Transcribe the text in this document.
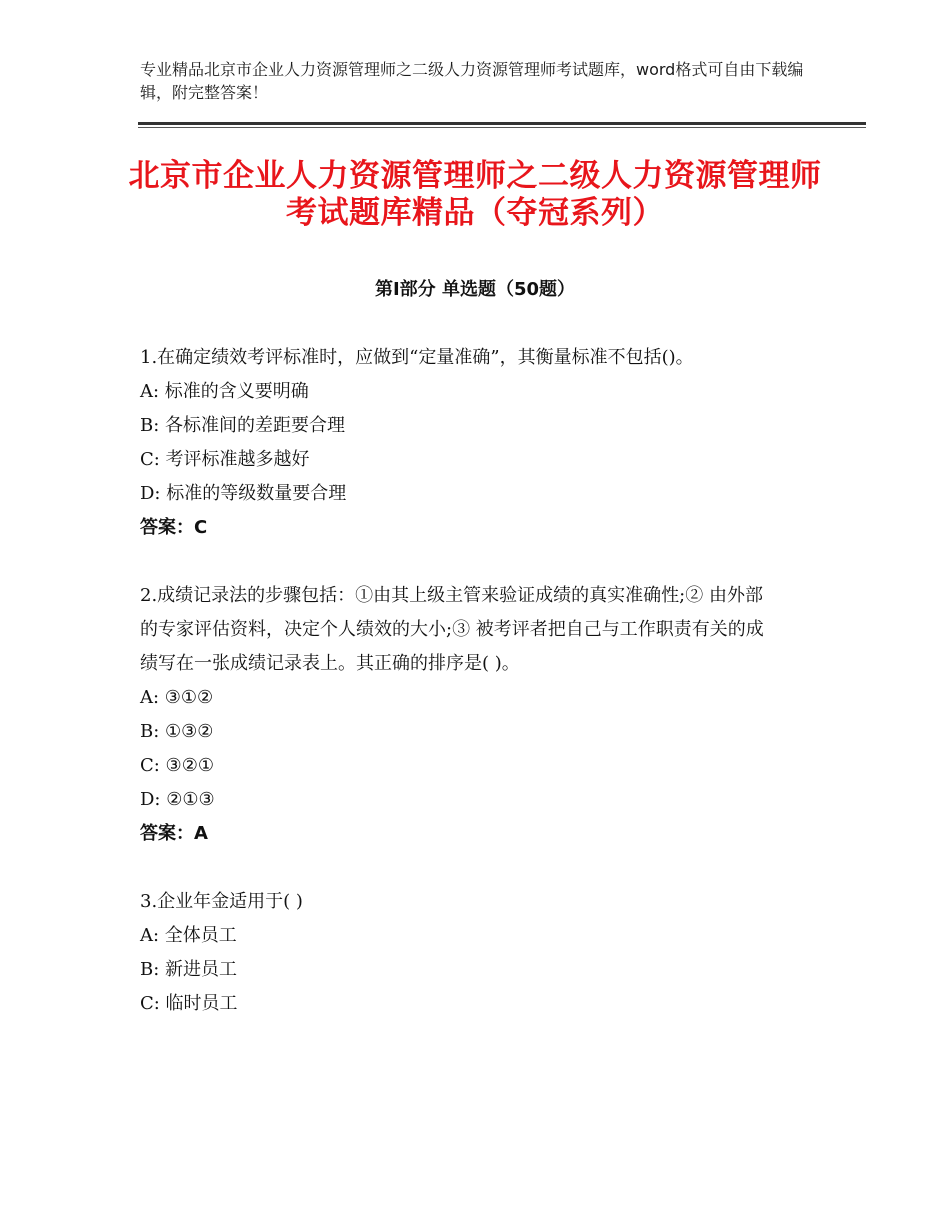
专业精品北京市企业人力资源管理师之二级人力资源管理师考试题库，word格式可自由下载编辑，附完整答案！
北京市企业人力资源管理师之二级人力资源管理师考试题库精品（夺冠系列）
第Ⅰ部分 单选题（50题）

1.在确定绩效考评标准时，应做到“定量准确”，其衡量标准不包括()。

A: 标准的含义要明确

B: 各标准间的差距要合理

C: 考评标准越多越好

D: 标准的等级数量要合理

答案：C

2.成绩记录法的步骤包括：①由其上级主管来验证成绩的真实准确性;② 由外部的专家评估资料，决定个人绩效的大小;③ 被考评者把自己与工作职责有关的成绩写在一张成绩记录表上。其正确的排序是( )。

A: ③①②

B: ①③②

C: ③②①

D: ②①③

答案：A

3.企业年金适用于( )

A: 全体员工

B: 新进员工

C: 临时员工
